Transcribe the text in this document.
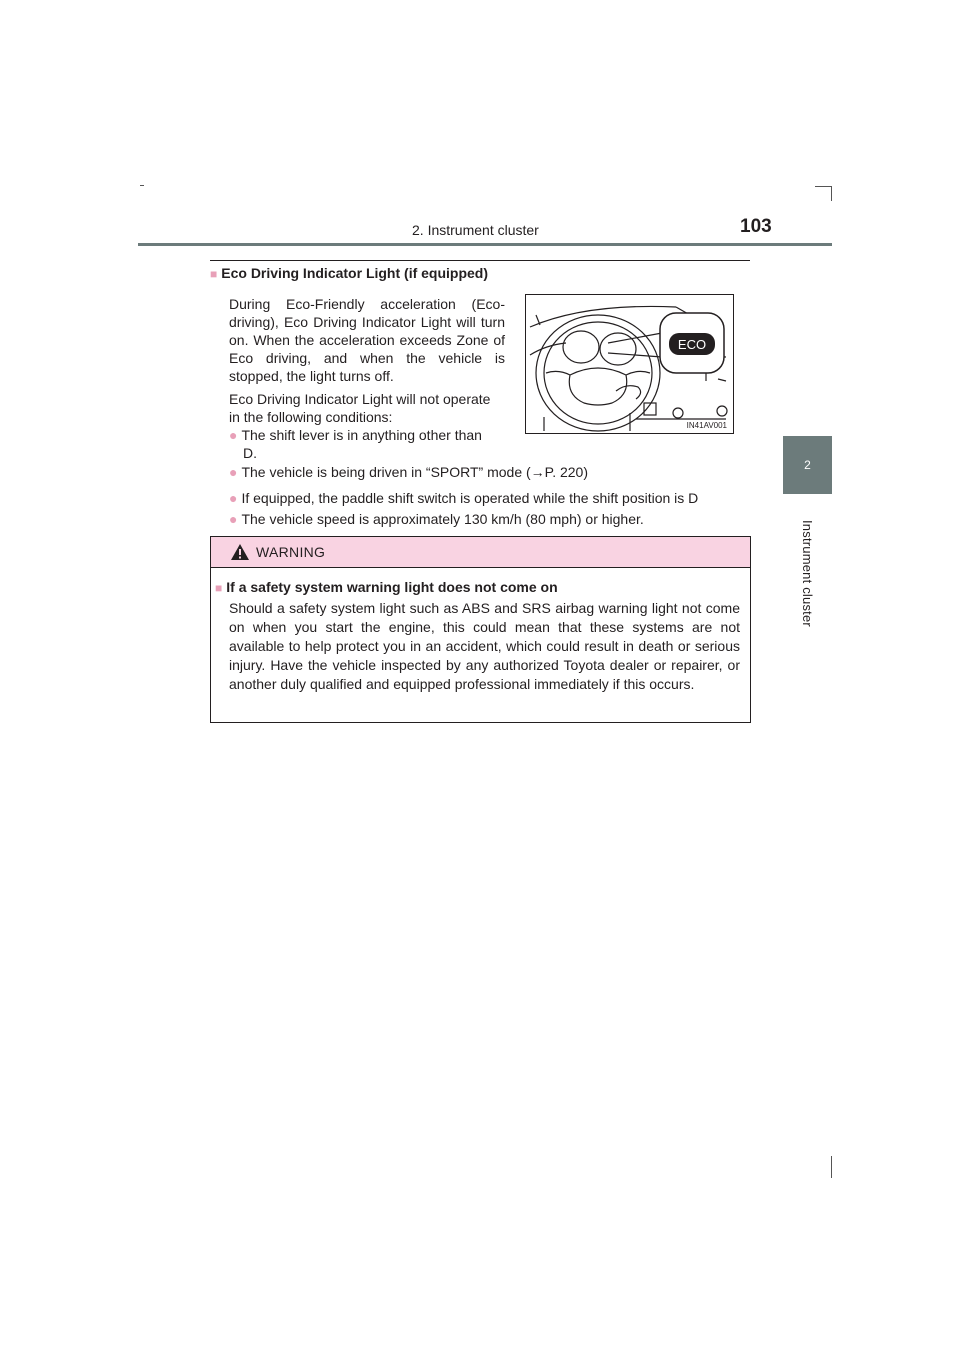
2. Instrument cluster	103
2
Instrument cluster
■ Eco Driving Indicator Light (if equipped)
During Eco-Friendly acceleration (Eco-driving), Eco Driving Indicator Light will turn on. When the acceleration exceeds Zone of Eco driving, and when the vehicle is stopped, the light turns off.
Eco Driving Indicator Light will not operate in the following conditions:
● The shift lever is in anything other than
D.
● The vehicle is being driven in “SPORT” mode (→P. 220)
● If equipped, the paddle shift switch is operated while the shift position is D
● The vehicle speed is approximately 130 km/h (80 mph) or higher.
ECO
IN41AV001
WARNING
■ If a safety system warning light does not come on
Should a safety system light such as ABS and SRS airbag warning light not come on when you start the engine, this could mean that these systems are not available to help protect you in an accident, which could result in death or serious injury. Have the vehicle inspected by any authorized Toyota dealer or repairer, or another duly qualified and equipped professional immediately if this occurs.
